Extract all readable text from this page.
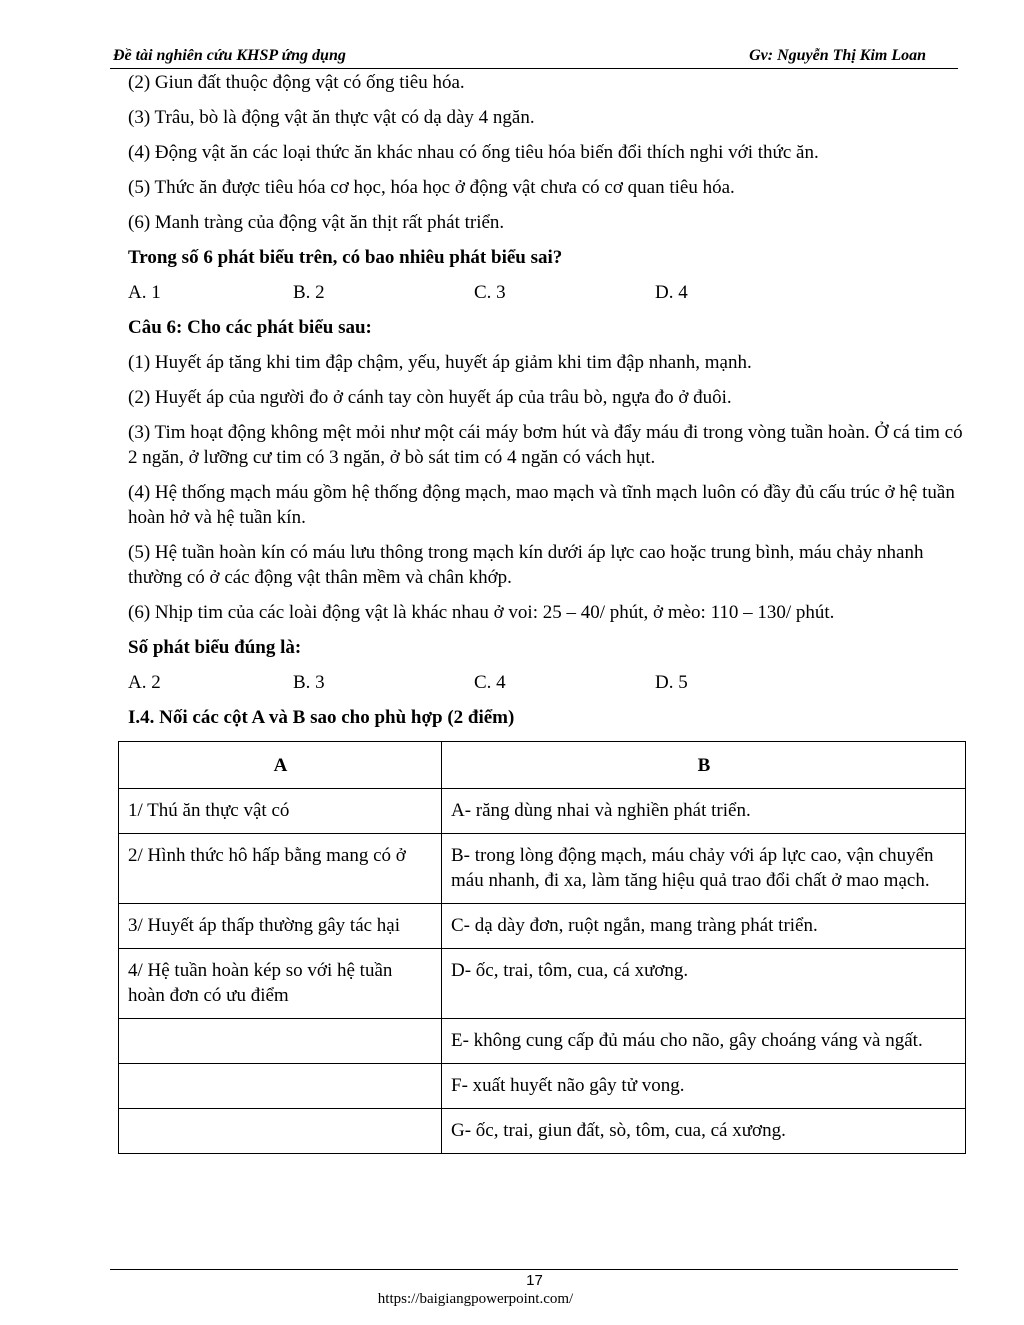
Đề tài nghiên cứu KHSP ứng dụng	Gv: Nguyễn Thị Kim Loan

(2) Giun đất thuộc động vật có ống tiêu hóa.

(3) Trâu, bò là động vật ăn thực vật có dạ dày 4 ngăn.

(4) Động vật ăn các loại thức ăn khác nhau có ống tiêu hóa biến đổi thích nghi với thức ăn.

(5) Thức ăn được tiêu hóa cơ học, hóa học ở động vật chưa có cơ quan tiêu hóa.

(6) Manh tràng của động vật ăn thịt rất phát triển.

Trong số 6 phát biểu trên, có bao nhiêu phát biểu sai?

A. 1	B. 2	C. 3	D. 4

Câu 6: Cho các phát biểu sau:

(1) Huyết áp tăng khi tim đập chậm, yếu, huyết áp giảm khi tim đập nhanh, mạnh.

(2) Huyết áp của người đo ở cánh tay còn huyết áp của trâu bò, ngựa đo ở đuôi.

(3) Tim hoạt động không mệt mỏi như một cái máy bơm hút và đẩy máu đi trong vòng tuần hoàn. Ở cá tim có 2 ngăn, ở lưỡng cư tim có 3 ngăn, ở bò sát tim có 4 ngăn có vách hụt.

(4) Hệ thống mạch máu gồm hệ thống động mạch, mao mạch và tĩnh mạch luôn có đầy đủ cấu trúc ở hệ tuần hoàn hở và hệ tuần kín.

(5) Hệ tuần hoàn kín có máu lưu thông trong mạch kín dưới áp lực cao hoặc trung bình, máu chảy nhanh thường có ở các động vật thân mềm và chân khớp.

(6) Nhịp tim của các loài động vật là khác nhau ở voi: 25 – 40/ phút, ở mèo: 110 – 130/ phút.

Số phát biểu đúng là:

A. 2	B. 3	C. 4	D. 5

I.4. Nối các cột A và B sao cho phù hợp (2 điểm)

A	B
1/ Thú ăn thực vật có	A- răng dùng nhai và nghiền phát triển.
2/ Hình thức hô hấp bằng mang có ở	B- trong lòng động mạch, máu chảy với áp lực cao, vận chuyển máu nhanh, đi xa, làm tăng hiệu quả trao đổi chất ở mao mạch.
3/ Huyết áp thấp thường gây tác hại	C- dạ dày đơn, ruột ngắn, mang tràng phát triển.
4/ Hệ tuần hoàn kép so với hệ tuần hoàn đơn có ưu điểm	D- ốc, trai, tôm, cua, cá xương.
	E- không cung cấp đủ máu cho não, gây choáng váng và ngất.
	F- xuất huyết não gây tử vong.
	G- ốc, trai, giun đất, sò, tôm, cua, cá xương.
17
https://baigiangpowerpoint.com/
